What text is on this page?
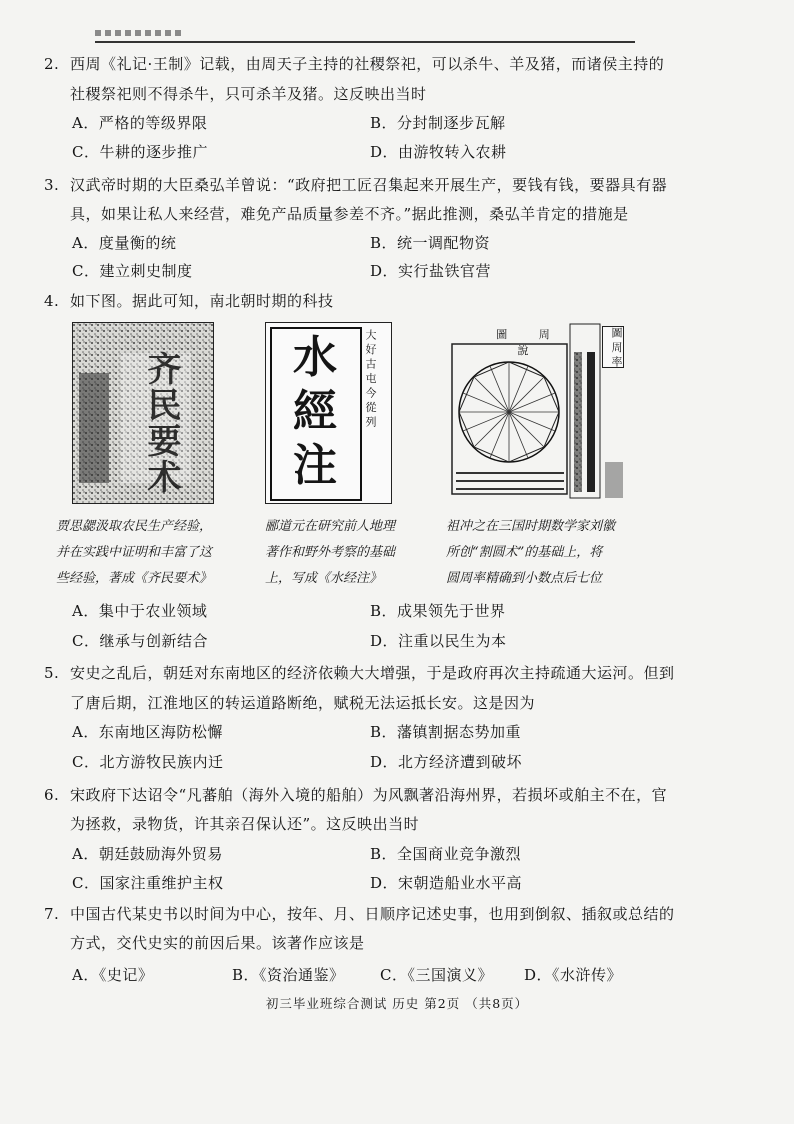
2. 西周《礼记·王制》记载，由周天子主持的社稷祭祀，可以杀牛、羊及猪，而诸侯主持的
社稷祭祀则不得杀牛，只可杀羊及猪。这反映出当时
A．严格的等级界限	B．分封制逐步瓦解
C．牛耕的逐步推广	D．由游牧转入农耕
3. 汉武帝时期的大臣桑弘羊曾说：“政府把工匠召集起来开展生产，要钱有钱，要器具有器
具，如果让私人来经营，难免产品质量参差不齐。”据此推测，桑弘羊肯定的措施是
A．度量衡的统	B．统一调配物资
C．建立刺史制度	D．实行盐铁官营
4. 如下图。据此可知，南北朝时期的科技
齐民要术	水
經
注
大 好 古 屯 今 從 列	圖 周 說	圖 周 率
贾思勰汲取农民生产经验，
并在实践中证明和丰富了这
些经验，著成《齐民要术》
郦道元在研究前人地理
著作和野外考察的基础
上，写成《水经注》
祖冲之在三国时期数学家刘徽
所创“割圆术”的基础上，将
圆周率精确到小数点后七位
A．集中于农业领域	B．成果领先于世界
C．继承与创新结合	D．注重以民生为本
5. 安史之乱后，朝廷对东南地区的经济依赖大大增强，于是政府再次主持疏通大运河。但到
了唐后期，江淮地区的转运道路断绝，赋税无法运抵长安。这是因为
A．东南地区海防松懈	B．藩镇割据态势加重
C．北方游牧民族内迁	D．北方经济遭到破坏
6. 宋政府下达诏令“凡蕃舶（海外入境的船舶）为风飘著沿海州界，若损坏或舶主不在，官
为拯救，录物货，许其亲召保认还”。这反映出当时
A．朝廷鼓励海外贸易	B．全国商业竞争激烈
C．国家注重维护主权	D．宋朝造船业水平高
7. 中国古代某史书以时间为中心，按年、月、日顺序记述史事，也用到倒叙、插叙或总结的
方式，交代史实的前因后果。该著作应该是
A．《史记》	B．《资治通鉴》 C．《三国演义》 D．《水浒传》
初三毕业班综合测试 历史 第2页 （共8页）
